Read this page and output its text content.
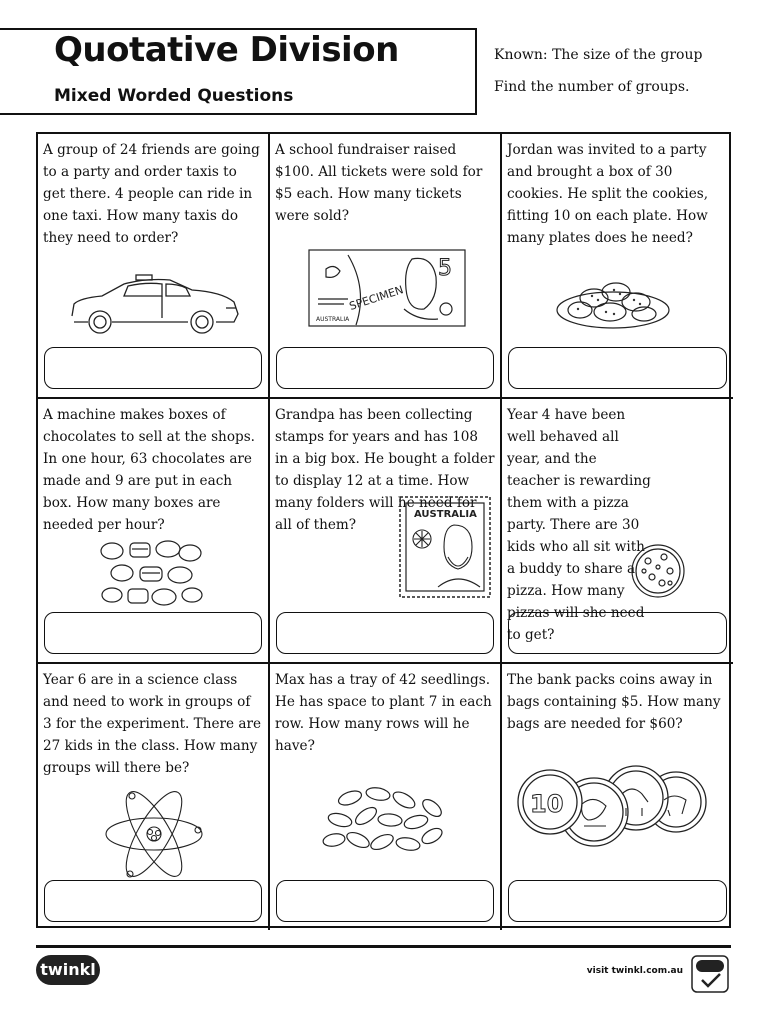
Quotative Division
Mixed Worded Questions
Known: The size of the group
Find the number of groups.

A group of 24 friends are going to a party and order taxis to get there. 4 people can ride in one taxi. How many taxis do they need to order?

A school fundraiser raised $100. All tickets were sold for $5 each. How many tickets were sold?

5
SPECIMEN
AUSTRALIA

Jordan was invited to a party and brought a box of 30 cookies. He split the cookies, fitting 10 on each plate. How many plates does he need?

A machine makes boxes of chocolates to sell at the shops. In one hour, 63 chocolates are made and 9 are put in each box. How many boxes are needed per hour?

Grandpa has been collecting stamps for years and has 108 in a big box. He bought a folder to display 12 at a time. How many folders will he need for all of them?

AUSTRALIA

Year 4 have been well behaved all year, and the teacher is rewarding them with a pizza party. There are 30 kids who all sit with a buddy to share a pizza. How many pizzas will she need to get?

Year 6 are in a science class and need to work in groups of 3 for the experiment. There are 27 kids in the class. How many groups will there be?

Max has a tray of 42 seedlings. He has space to plant 7 in each row. How many rows will he have?

The bank packs coins away in bags containing $5. How many bags are needed for $60?

10
twinkl	visit twinkl.com.au
